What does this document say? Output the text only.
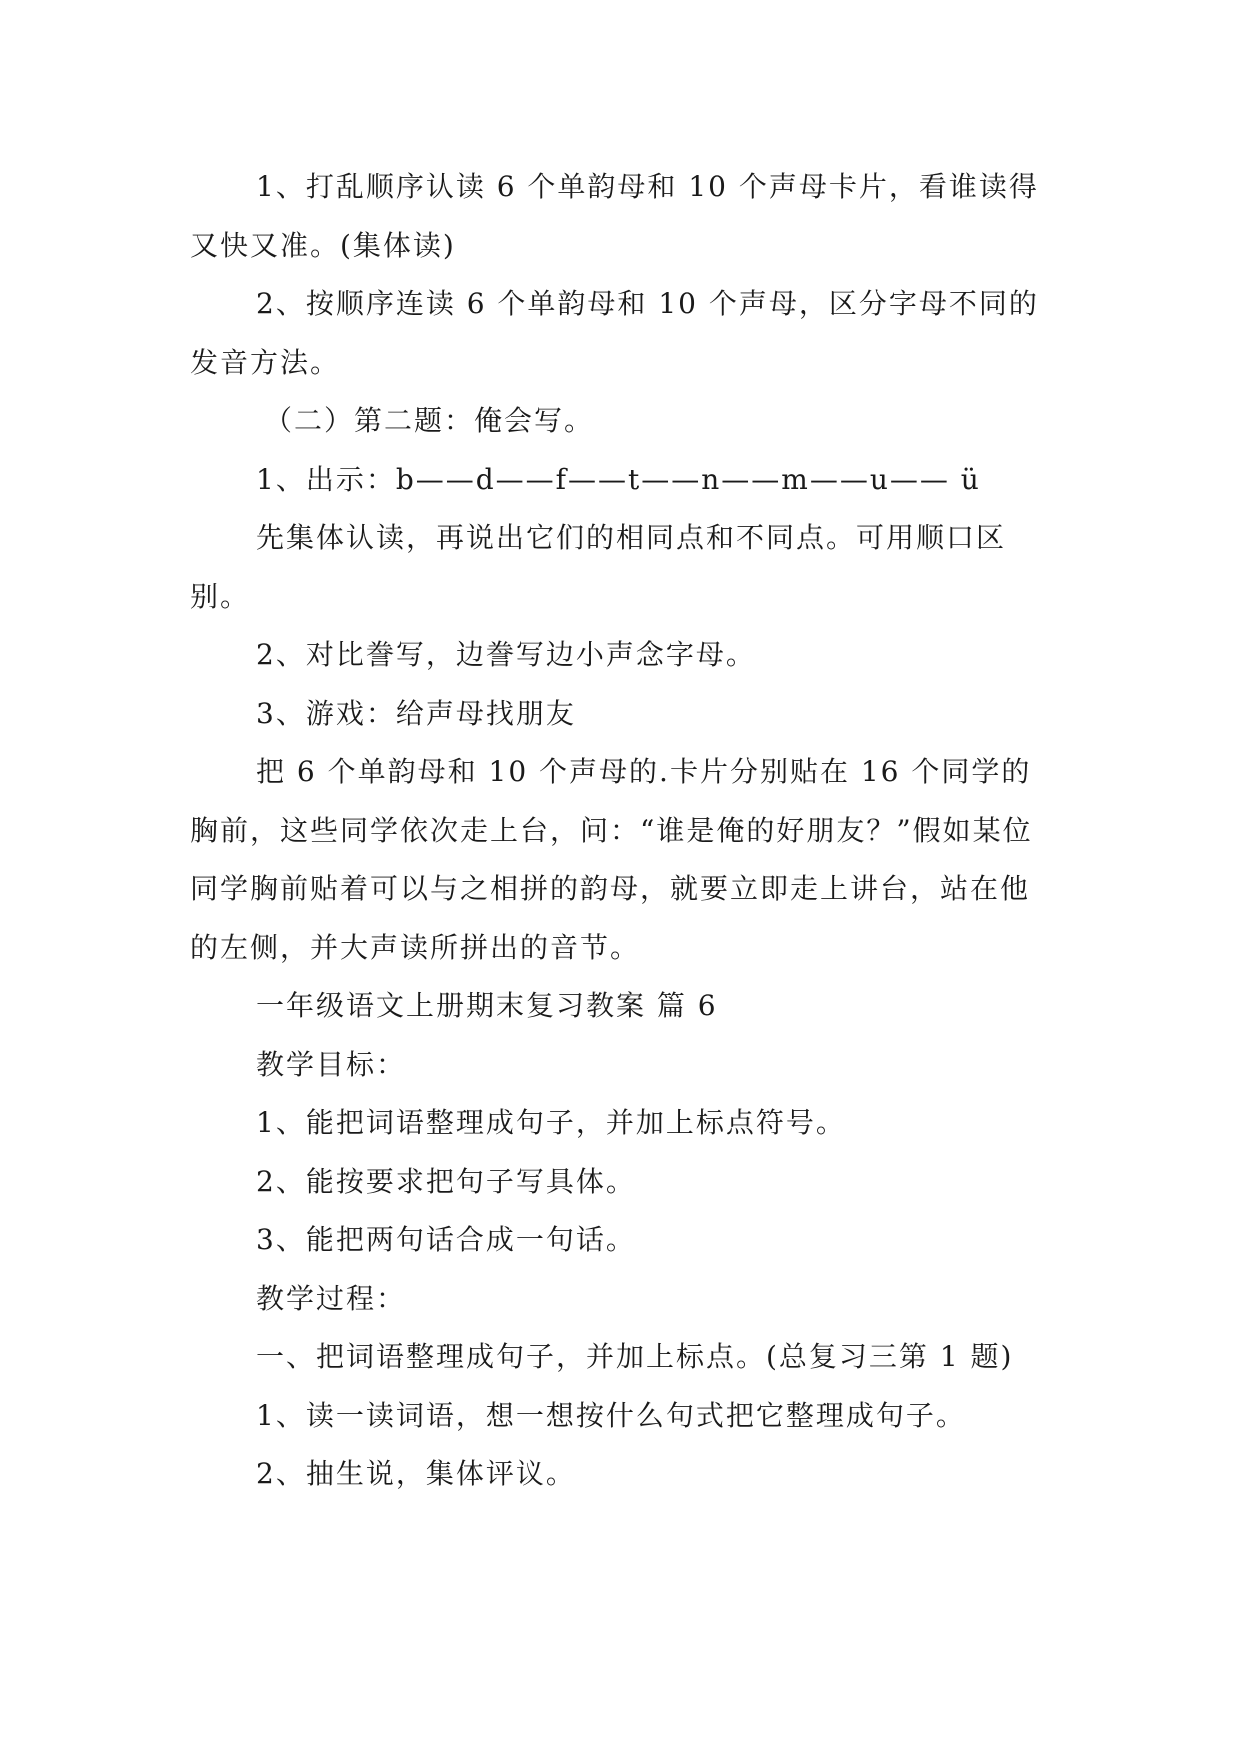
1、打乱顺序认读 6 个单韵母和 10 个声母卡片，看谁读得又快又准。(集体读)

2、按顺序连读 6 个单韵母和 10 个声母，区分字母不同的发音方法。

（二）第二题：俺会写。

1、出示：b——d——f——t——n——m——u—— ü

先集体认读，再说出它们的相同点和不同点。可用顺口区别。

2、对比誊写，边誊写边小声念字母。

3、游戏：给声母找朋友

把 6 个单韵母和 10 个声母的.卡片分别贴在 16 个同学的胸前，这些同学依次走上台，问：“谁是俺的好朋友？”假如某位同学胸前贴着可以与之相拼的韵母，就要立即走上讲台，站在他的左侧，并大声读所拼出的音节。

一年级语文上册期末复习教案 篇 6

教学目标：

1、能把词语整理成句子，并加上标点符号。

2、能按要求把句子写具体。

3、能把两句话合成一句话。

教学过程：

一、把词语整理成句子，并加上标点。(总复习三第 1 题)

1、读一读词语，想一想按什么句式把它整理成句子。

2、抽生说，集体评议。
